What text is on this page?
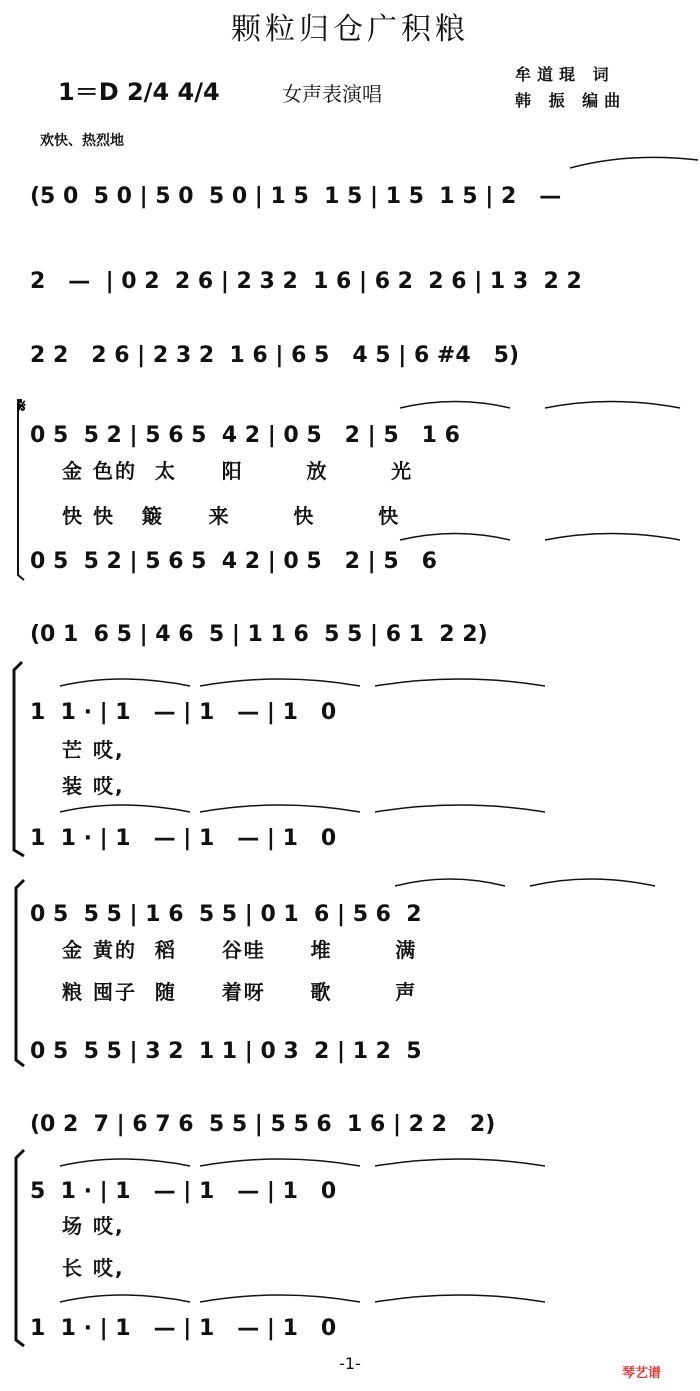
颗粒归仓广积粮
1＝D 2/4 4/4	女声表演唱
牟道琨 词
韩 振 编曲
欢快、热烈地
(5 0  5 0 | 5 0  5 0 | 1 5  1 5 | 1 5  1 5 | 2   —
2   —  | 0 2  2 6 | 2 3 2  1 6 | 6 2  2 6 | 1 3  2 2
2 2   2 6 | 2 3 2  1 6 | 6 5   4 5 | 6 #4   5)
0 5  5 2 | 5 6 5  4 2 | 0 5   2 | 5   1 6
0 5  5 2 | 5 6 5  4 2 | 0 5   2 | 5   6
(0 1  6 5 | 4 6  5 | 1 1 6  5 5 | 6 1  2 2)
1  1 · | 1   — | 1   — | 1   0
1  1 · | 1   — | 1   — | 1   0
0 5  5 5 | 1 6  5 5 | 0 1  6 | 5 6  2
0 5  5 5 | 3 2  1 1 | 0 3  2 | 1 2  5
(0 2  7 | 6 7 6  5 5 | 5 5 6  1 6 | 2 2   2)
5  1 · | 1   — | 1   — | 1   0
1  1 · | 1   — | 1   — | 1   0
金 色的  太     阳       放       光
快 快   簸     来       快       快
芒 哎,
装 哎,
金 黄的  稻     谷哇     堆       满
粮 囤子  随     着呀     歌       声
场 哎,
长 哎,
𝄋
-1-
琴艺谱
